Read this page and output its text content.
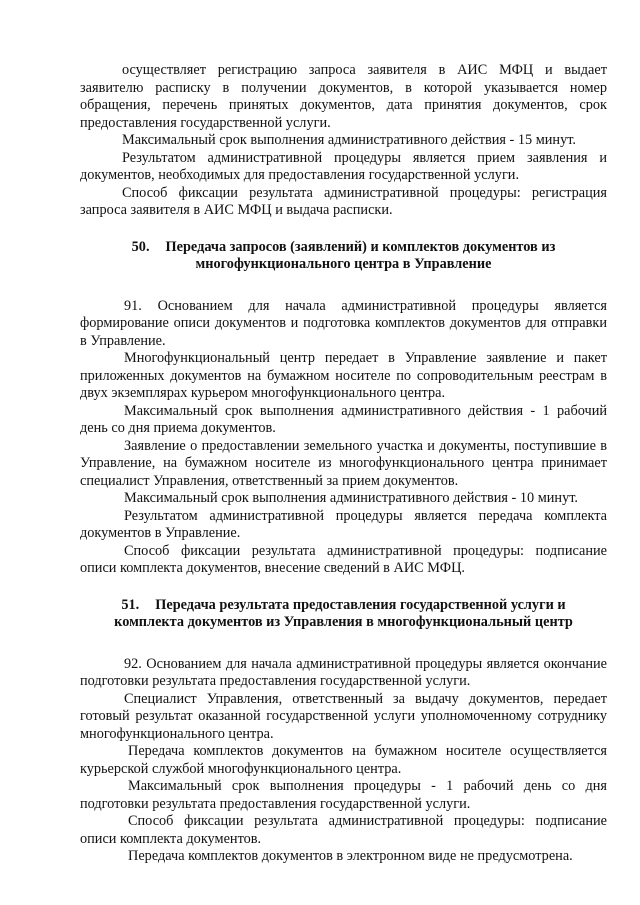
осуществляет регистрацию запроса заявителя в АИС МФЦ и выдает заявителю расписку в получении документов, в которой указывается номер обращения, перечень принятых документов, дата принятия документов, срок предоставления государственной услуги.

Максимальный срок выполнения административного действия - 15 минут.

Результатом административной процедуры является прием заявления и документов, необходимых для предоставления государственной услуги.

Способ фиксации результата административной процедуры: регистрация запроса заявителя в АИС МФЦ и выдача расписки.

50. Передача запросов (заявлений) и комплектов документов из
многофункционального центра в Управление

91. Основанием для начала административной процедуры является формирование описи документов и подготовка комплектов документов для отправки в Управление.

Многофункциональный центр передает в Управление заявление и пакет приложенных документов на бумажном носителе по сопроводительным реестрам в двух экземплярах курьером многофункционального центра.

Максимальный срок выполнения административного действия - 1 рабочий день со дня приема документов.

Заявление о предоставлении земельного участка и документы, поступившие в Управление, на бумажном носителе из многофункционального центра принимает специалист Управления, ответственный за прием документов.

Максимальный срок выполнения административного действия - 10 минут.

Результатом административной процедуры является передача комплекта документов в Управление.

Способ фиксации результата административной процедуры: подписание описи комплекта документов, внесение сведений в АИС МФЦ.

51. Передача результата предоставления государственной услуги и
комплекта документов из Управления в многофункциональный центр

92. Основанием для начала административной процедуры является окончание подготовки результата предоставления государственной услуги.

Специалист Управления, ответственный за выдачу документов, передает готовый результат оказанной государственной услуги уполномоченному сотруднику многофункционального центра.

Передача комплектов документов на бумажном носителе осуществляется курьерской службой многофункционального центра.

Максимальный срок выполнения процедуры - 1 рабочий день со дня подготовки результата предоставления государственной услуги.

Способ фиксации результата административной процедуры: подписание описи комплекта документов.

Передача комплектов документов в электронном виде не предусмотрена.
